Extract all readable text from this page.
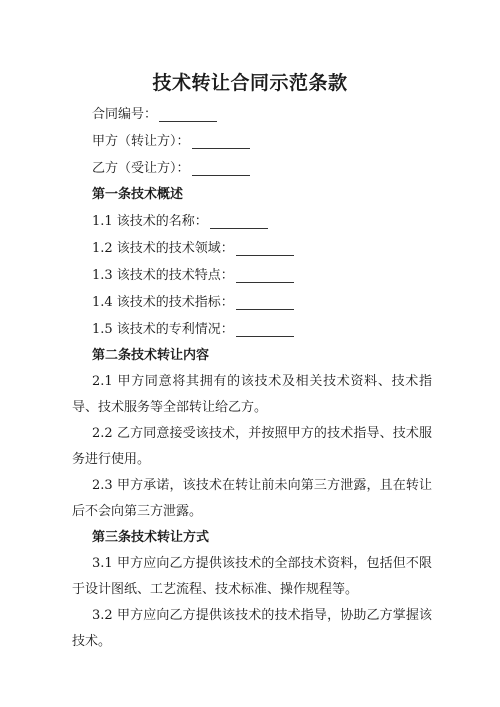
技术转让合同示范条款
合同编号：
甲方（转让方）：
乙方（受让方）：
第一条技术概述
1.1 该技术的名称：
1.2 该技术的技术领域：
1.3 该技术的技术特点：
1.4 该技术的技术指标：
1.5 该技术的专利情况：
第二条技术转让内容
2.1 甲方同意将其拥有的该技术及相关技术资料、技术指导、技术服务等全部转让给乙方。
2.2 乙方同意接受该技术，并按照甲方的技术指导、技术服务进行使用。
2.3 甲方承诺，该技术在转让前未向第三方泄露，且在转让后不会向第三方泄露。
第三条技术转让方式
3.1 甲方应向乙方提供该技术的全部技术资料，包括但不限于设计图纸、工艺流程、技术标准、操作规程等。
3.2 甲方应向乙方提供该技术的技术指导，协助乙方掌握该技术。
